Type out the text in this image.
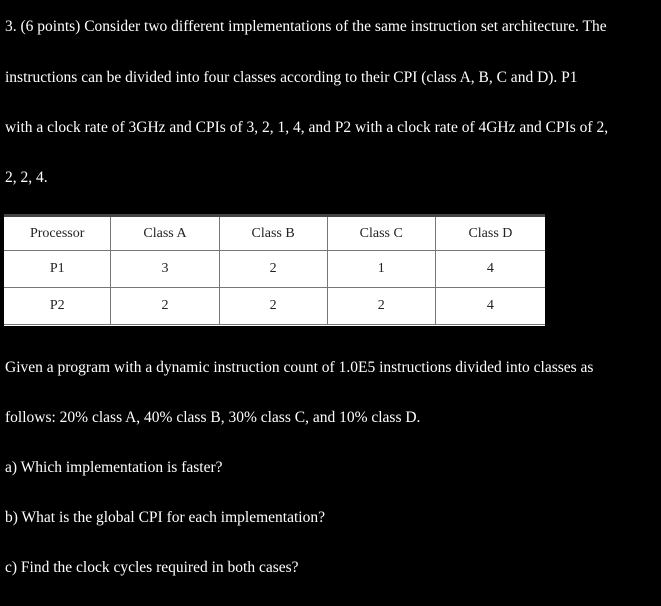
3. (6 points) Consider two different implementations of the same instruction set architecture. The
instructions can be divided into four classes according to their CPI (class A, B, C and D). P1
with a clock rate of 3GHz and CPIs of 3, 2, 1, 4, and P2 with a clock rate of 4GHz and CPIs of 2,
2, 2, 4.
Processor	Class A	Class B	Class C	Class D
P1	3	2	1	4
P2	2	2	2	4
Given a program with a dynamic instruction count of 1.0E5 instructions divided into classes as
follows: 20% class A, 40% class B, 30% class C, and 10% class D.
a) Which implementation is faster?
b) What is the global CPI for each implementation?
c) Find the clock cycles required in both cases?
